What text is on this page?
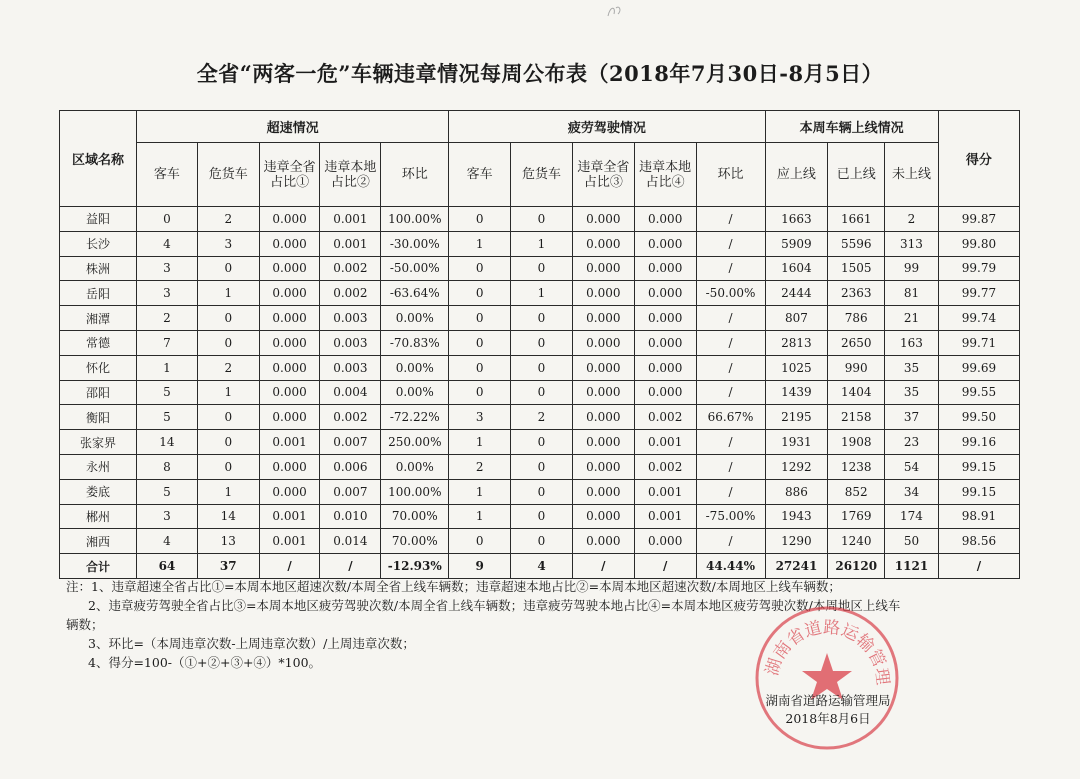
全省“两客一危”车辆违章情况每周公布表（2018年7月30日-8月5日）
区域名称	超速情况					疲劳驾驶情况					本周车辆上线情况			得分
	客车	危货车	违章全省占比①	违章本地占比②	环比	客车	危货车	违章全省占比③	违章本地占比④	环比	应上线	已上线	未上线	
益阳	0	2	0.000	0.001	100.00%	0	0	0.000	0.000	/	1663	1661	2	99.87
长沙	4	3	0.000	0.001	-30.00%	1	1	0.000	0.000	/	5909	5596	313	99.80
株洲	3	0	0.000	0.002	-50.00%	0	0	0.000	0.000	/	1604	1505	99	99.79
岳阳	3	1	0.000	0.002	-63.64%	0	1	0.000	0.000	-50.00%	2444	2363	81	99.77
湘潭	2	0	0.000	0.003	0.00%	0	0	0.000	0.000	/	807	786	21	99.74
常德	7	0	0.000	0.003	-70.83%	0	0	0.000	0.000	/	2813	2650	163	99.71
怀化	1	2	0.000	0.003	0.00%	0	0	0.000	0.000	/	1025	990	35	99.69
邵阳	5	1	0.000	0.004	0.00%	0	0	0.000	0.000	/	1439	1404	35	99.55
衡阳	5	0	0.000	0.002	-72.22%	3	2	0.000	0.002	66.67%	2195	2158	37	99.50
张家界	14	0	0.001	0.007	250.00%	1	0	0.000	0.001	/	1931	1908	23	99.16
永州	8	0	0.000	0.006	0.00%	2	0	0.000	0.002	/	1292	1238	54	99.15
娄底	5	1	0.000	0.007	100.00%	1	0	0.000	0.001	/	886	852	34	99.15
郴州	3	14	0.001	0.010	70.00%	1	0	0.000	0.001	-75.00%	1943	1769	174	98.91
湘西	4	13	0.001	0.014	70.00%	0	0	0.000	0.000	/	1290	1240	50	98.56
合计	64	37	/	/	-12.93%	9	4	/	/	44.44%	27241	26120	1121	/
注：1、违章超速全省占比①=本周本地区超速次数/本周全省上线车辆数；违章超速本地占比②=本周本地区超速次数/本周地区上线车辆数；
2、违章疲劳驾驶全省占比③=本周本地区疲劳驾驶次数/本周全省上线车辆数；违章疲劳驾驶本地占比④=本周本地区疲劳驾驶次数/本周地区上线车
辆数；
3、环比=（本周违章次数-上周违章次数）/上周违章次数；
4、得分=100-（①+②+③+④）*100。	湖南省道路运输管理
湖南省道路运输管理局
2018年8月6日
